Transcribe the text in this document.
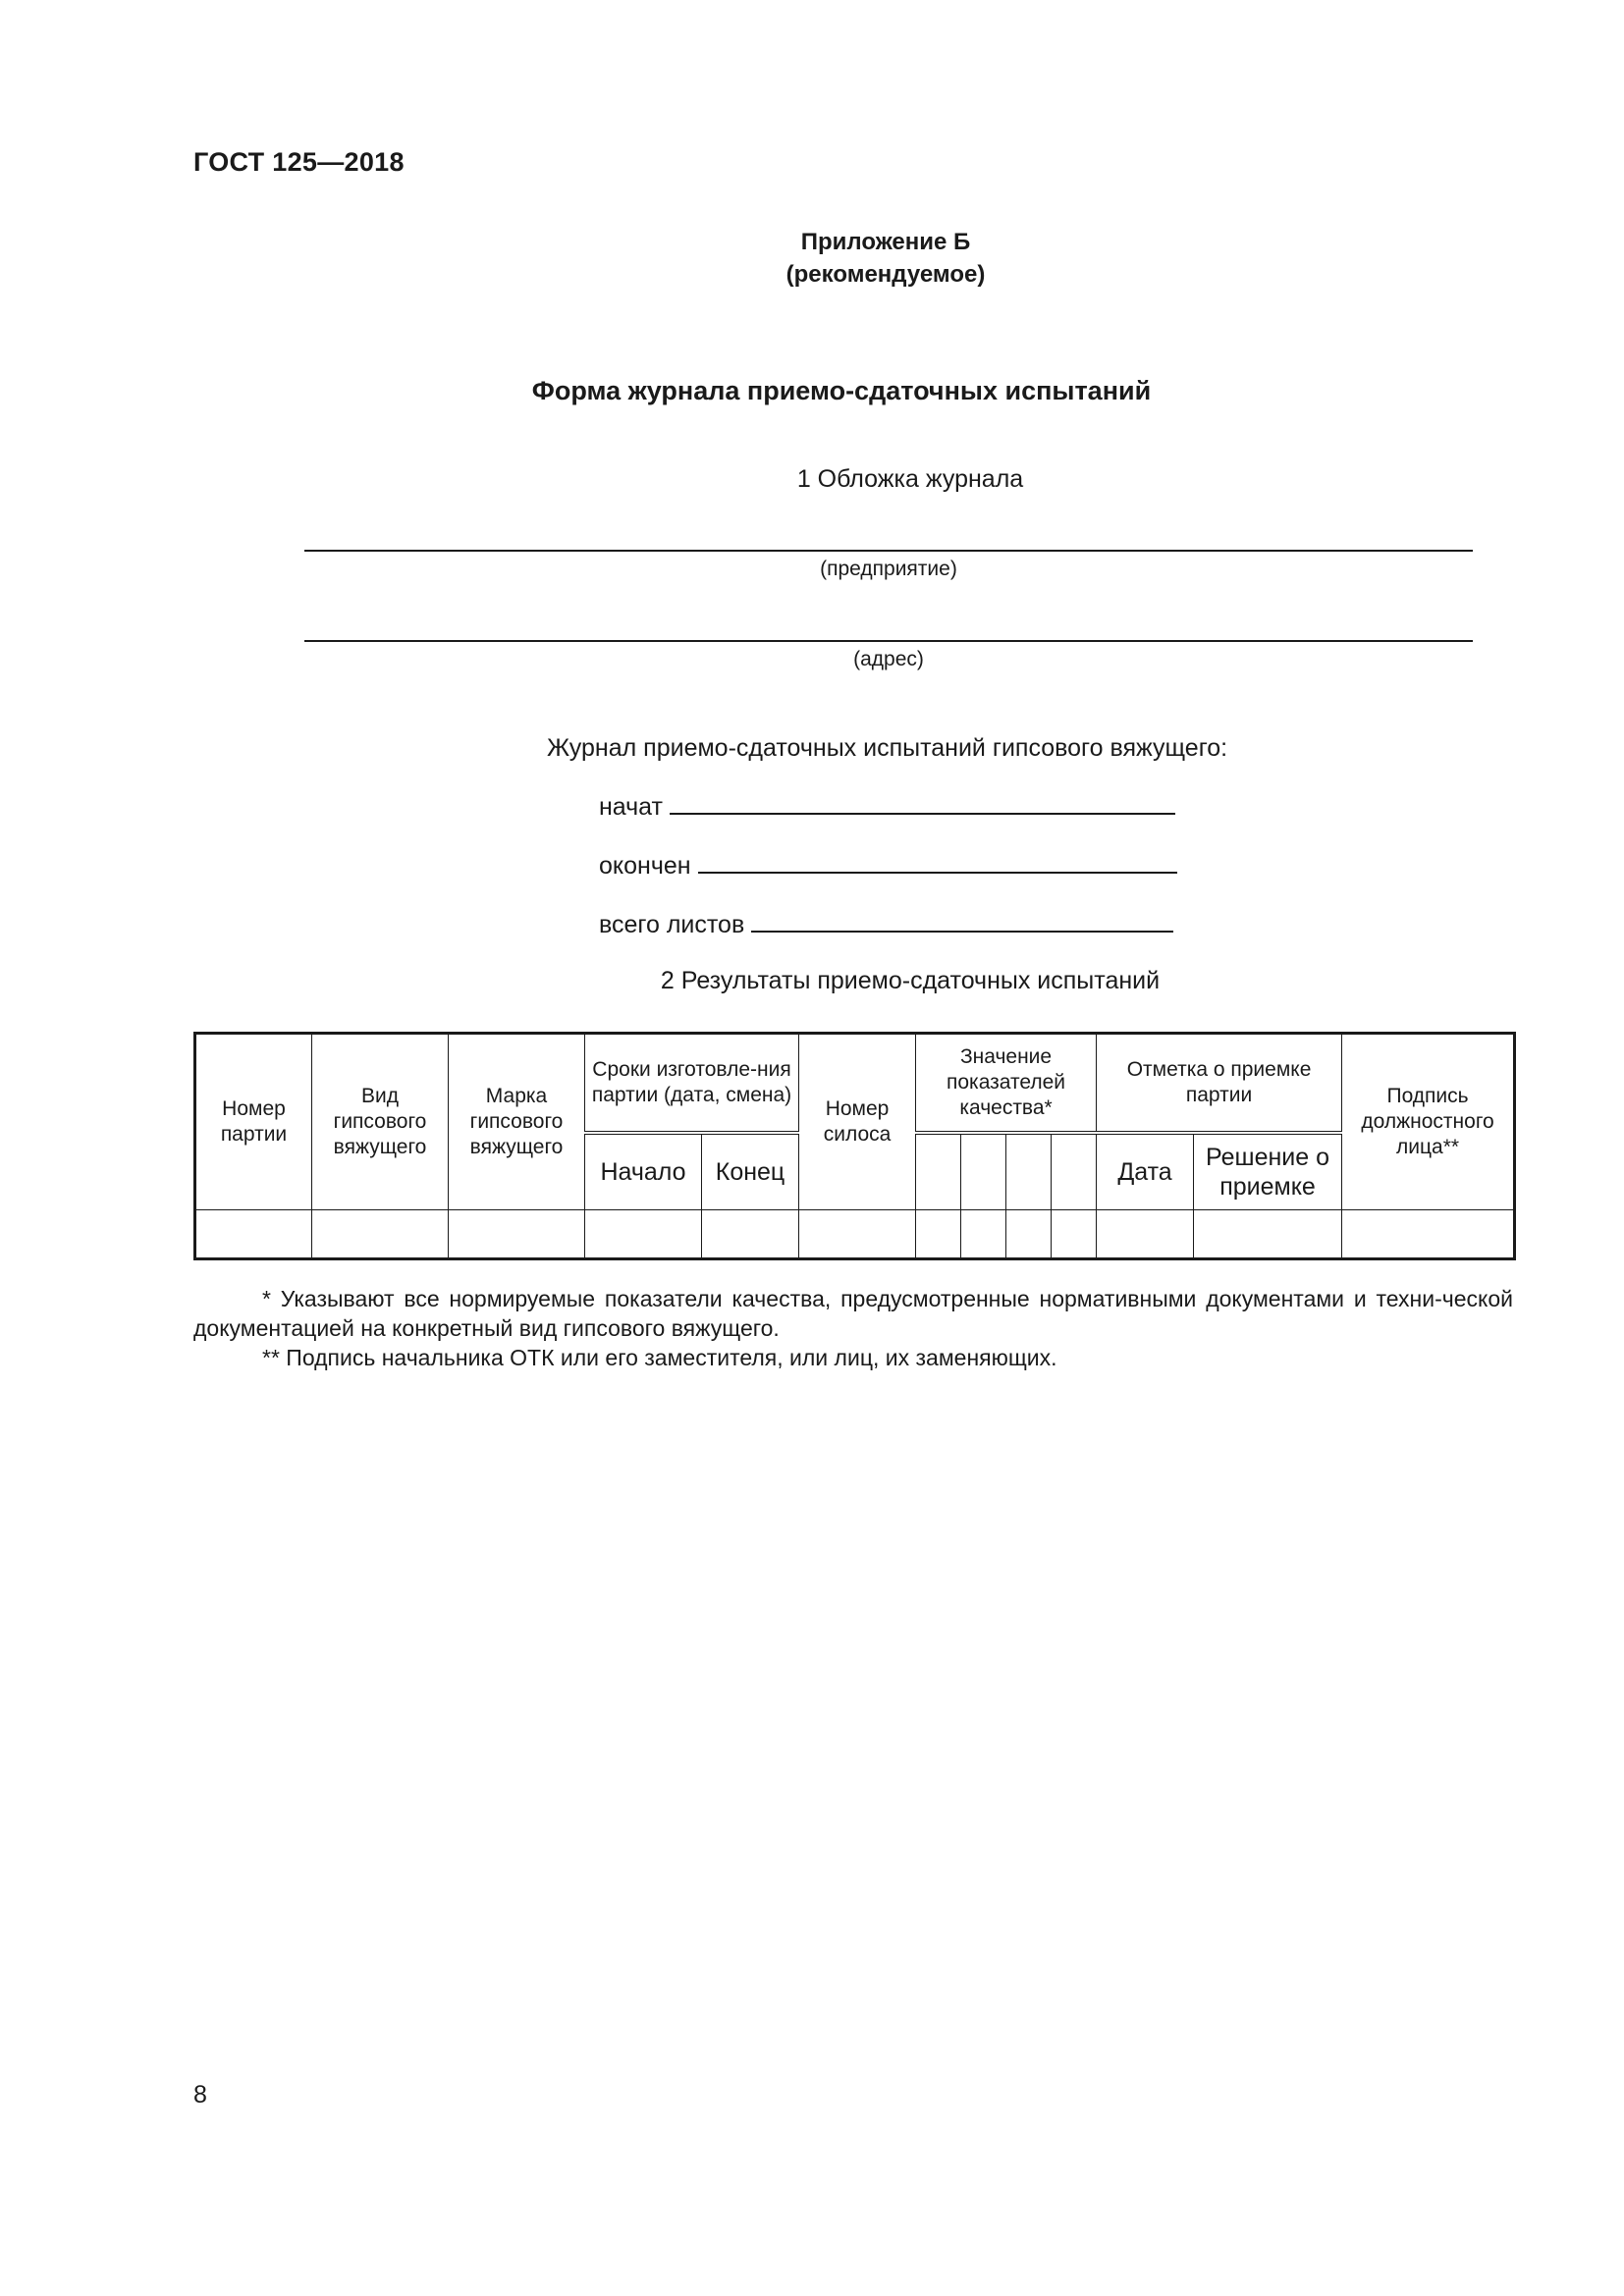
ГОСТ 125—2018
Приложение Б
(рекомендуемое)
Форма журнала приемо-сдаточных испытаний
1 Обложка журнала
(предприятие)
(адрес)
Журнал приемо-сдаточных испытаний гипсового вяжущего:
начат
окончен
всего листов
2 Результаты приемо-сдаточных испытаний
Номер партии	Вид гипсового вяжущего	Марка гипсового вяжущего	Сроки изготовле-ния партии (дата, смена)		Номер силоса	Значение показателей качества*				Отметка о приемке партии		Подпись должностного лица**
			Начало	Конец						Дата	Решение о приемке	

* Указывают все нормируемые показатели качества, предусмотренные нормативными документами и техни-ческой документацией на конкретный вид гипсового вяжущего.

** Подпись начальника ОТК или его заместителя, или лиц, их заменяющих.

8
